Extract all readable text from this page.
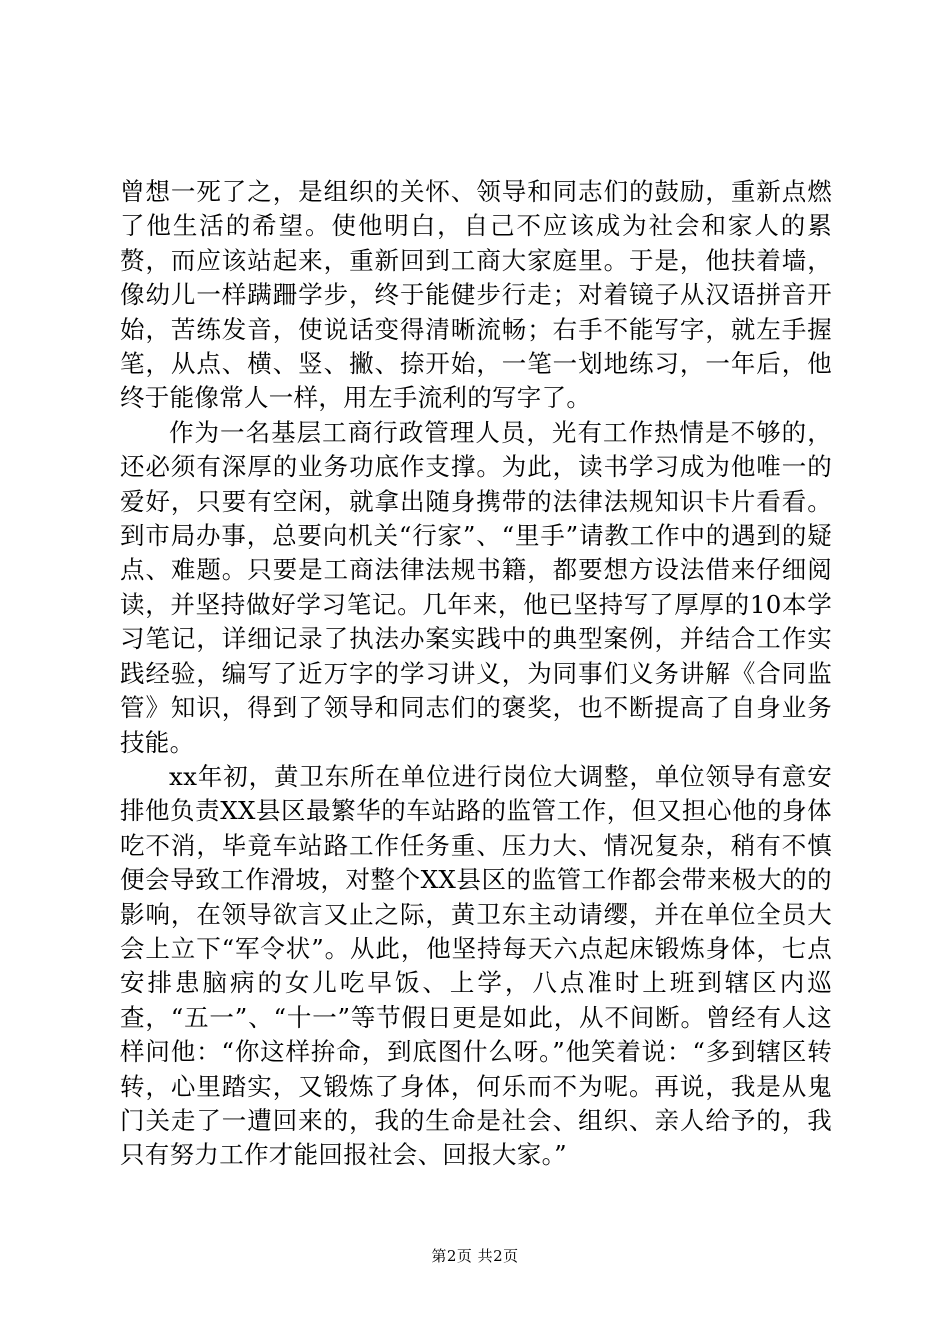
曾想一死了之，是组织的关怀、领导和同志们的鼓励，重新点燃了他生活的希望。使他明白，自己不应该成为社会和家人的累赘，而应该站起来，重新回到工商大家庭里。于是，他扶着墙，像幼儿一样蹒跚学步，终于能健步行走；对着镜子从汉语拼音开始，苦练发音，使说话变得清晰流畅；右手不能写字，就左手握笔，从点、横、竖、撇、捺开始，一笔一划地练习，一年后，他终于能像常人一样，用左手流利的写字了。

作为一名基层工商行政管理人员，光有工作热情是不够的，还必须有深厚的业务功底作支撑。为此，读书学习成为他唯一的爱好，只要有空闲，就拿出随身携带的法律法规知识卡片看看。到市局办事，总要向机关“行家”、“里手”请教工作中的遇到的疑点、难题。只要是工商法律法规书籍，都要想方设法借来仔细阅读，并坚持做好学习笔记。几年来，他已坚持写了厚厚的10本学习笔记，详细记录了执法办案实践中的典型案例，并结合工作实践经验，编写了近万字的学习讲义，为同事们义务讲解《合同监管》知识，得到了领导和同志们的褒奖，也不断提高了自身业务技能。

xx年初，黄卫东所在单位进行岗位大调整，单位领导有意安排他负责XX县区最繁华的车站路的监管工作，但又担心他的身体吃不消，毕竟车站路工作任务重、压力大、情况复杂，稍有不慎便会导致工作滑坡，对整个XX县区的监管工作都会带来极大的的影响，在领导欲言又止之际，黄卫东主动请缨，并在单位全员大会上立下“军令状”。从此，他坚持每天六点起床锻炼身体，七点安排患脑病的女儿吃早饭、上学，八点准时上班到辖区内巡查，“五一”、“十一”等节假日更是如此，从不间断。曾经有人这样问他：“你这样拚命，到底图什么呀。”他笑着说：“多到辖区转转，心里踏实，又锻炼了身体，何乐而不为呢。再说，我是从鬼门关走了一遭回来的，我的生命是社会、组织、亲人给予的，我只有努力工作才能回报社会、回报大家。”

第2页 共2页
